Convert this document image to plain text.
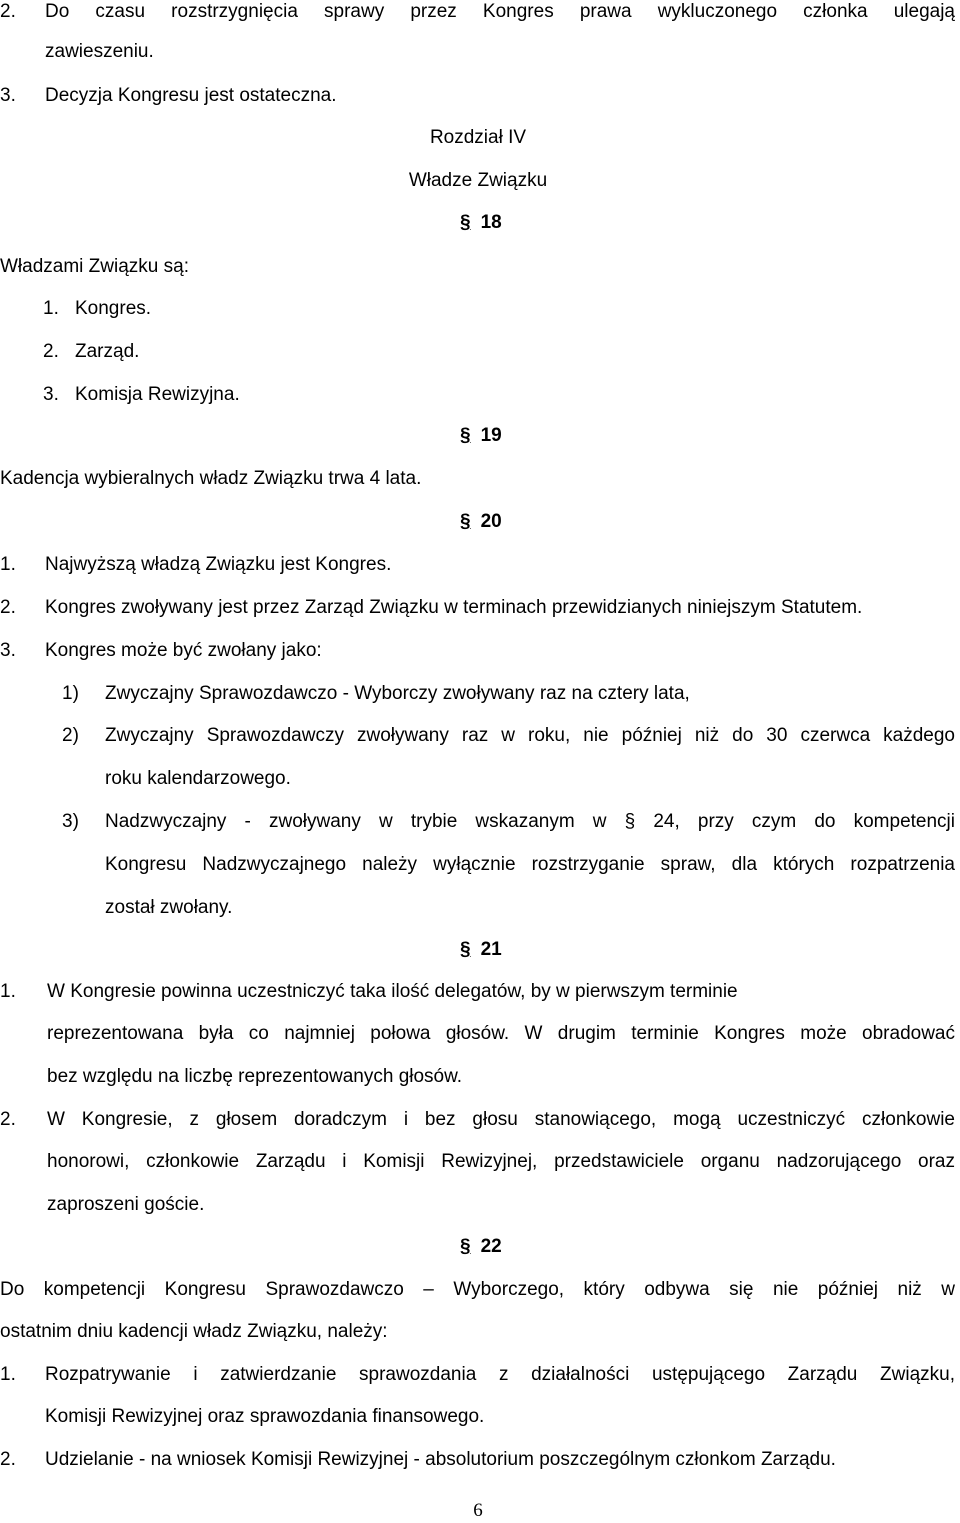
2. Do czasu rozstrzygnięcia sprawy przez Kongres prawa wykluczonego członka ulegają
zawieszeniu.
3. Decyzja Kongresu jest ostateczna.
Rozdział IV
Władze Związku
§ 18
Władzami Związku są:
1. Kongres.
2. Zarząd.
3. Komisja Rewizyjna.
§ 19
Kadencja wybieralnych władz Związku trwa 4 lata.
§ 20
1. Najwyższą władzą Związku jest Kongres.
2. Kongres zwoływany jest przez Zarząd Związku w terminach przewidzianych niniejszym Statutem.
3. Kongres może być zwołany jako:
1) Zwyczajny Sprawozdawczo - Wyborczy zwoływany raz na cztery lata,
2) Zwyczajny Sprawozdawczy zwoływany raz w roku, nie później niż do 30 czerwca każdego
roku kalendarzowego.
3) Nadzwyczajny - zwoływany w trybie wskazanym w § 24, przy czym do kompetencji
Kongresu Nadzwyczajnego należy wyłącznie rozstrzyganie spraw, dla których rozpatrzenia
został zwołany.
§ 21
1. W Kongresie powinna uczestniczyć taka ilość delegatów, by w pierwszym terminie
reprezentowana była co najmniej połowa głosów. W drugim terminie Kongres może obradować
bez względu na liczbę reprezentowanych głosów.
2. W Kongresie, z głosem doradczym i bez głosu stanowiącego, mogą uczestniczyć członkowie
honorowi, członkowie Zarządu i Komisji Rewizyjnej, przedstawiciele organu nadzorującego oraz
zaproszeni goście.
§ 22
Do kompetencji Kongresu Sprawozdawczo – Wyborczego, który odbywa się nie później niż w
ostatnim dniu kadencji władz Związku, należy:
1. Rozpatrywanie i zatwierdzanie sprawozdania z działalności ustępującego Zarządu Związku,
Komisji Rewizyjnej oraz sprawozdania finansowego.
2. Udzielanie - na wniosek Komisji Rewizyjnej - absolutorium poszczególnym członkom Zarządu.
6
